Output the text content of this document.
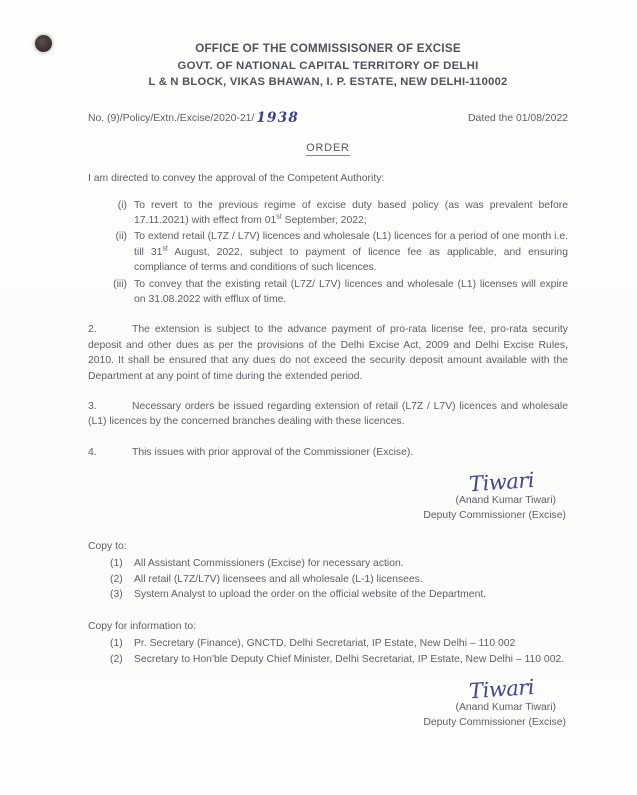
OFFICE OF THE COMMISSISONER OF EXCISE
GOVT. OF NATIONAL CAPITAL TERRITORY OF DELHI
L & N BLOCK, VIKAS BHAWAN, I. P. ESTATE, NEW DELHI-110002
No. (9)/Policy/Extn./Excise/2020-21/ 1938	Dated the 01/08/2022
ORDER
I am directed to convey the approval of the Competent Authority:
(i) To revert to the previous regime of excise duty based policy (as was prevalent before 17.11.2021) with effect from 01st September, 2022;
(ii) To extend retail (L7Z / L7V) licences and wholesale (L1) licences for a period of one month i.e. till 31st August, 2022, subject to payment of licence fee as applicable, and ensuring compliance of terms and conditions of such licences.
(iii) To convey that the existing retail (L7Z/ L7V) licences and wholesale (L1) licenses will expire on 31.08.2022 with efflux of time.
2.	The extension is subject to the advance payment of pro-rata license fee, pro-rata security deposit and other dues as per the provisions of the Delhi Excise Act, 2009 and Delhi Excise Rules, 2010. It shall be ensured that any dues do not exceed the security deposit amount available with the Department at any point of time during the extended period.
3.	Necessary orders be issued regarding extension of retail (L7Z / L7V) licences and wholesale (L1) licences by the concerned branches dealing with these licences.
4.	This issues with prior approval of the Commissioner (Excise).
Tiwari
(Anand Kumar Tiwari)
Deputy Commissioner (Excise)
Copy to:
(1)	All Assistant Commissioners (Excise) for necessary action.
(2)	All retail (L7Z/L7V) licensees and all wholesale (L-1) licensees.
(3)	System Analyst to upload the order on the official website of the Department.
Copy for information to:
(1)	Pr. Secretary (Finance), GNCTD, Delhi Secretariat, IP Estate, New Delhi – 110 002
(2)	Secretary to Hon'ble Deputy Chief Minister, Delhi Secretariat, IP Estate, New Delhi – 110 002.
Tiwari
(Anand Kumar Tiwari)
Deputy Commissioner (Excise)
